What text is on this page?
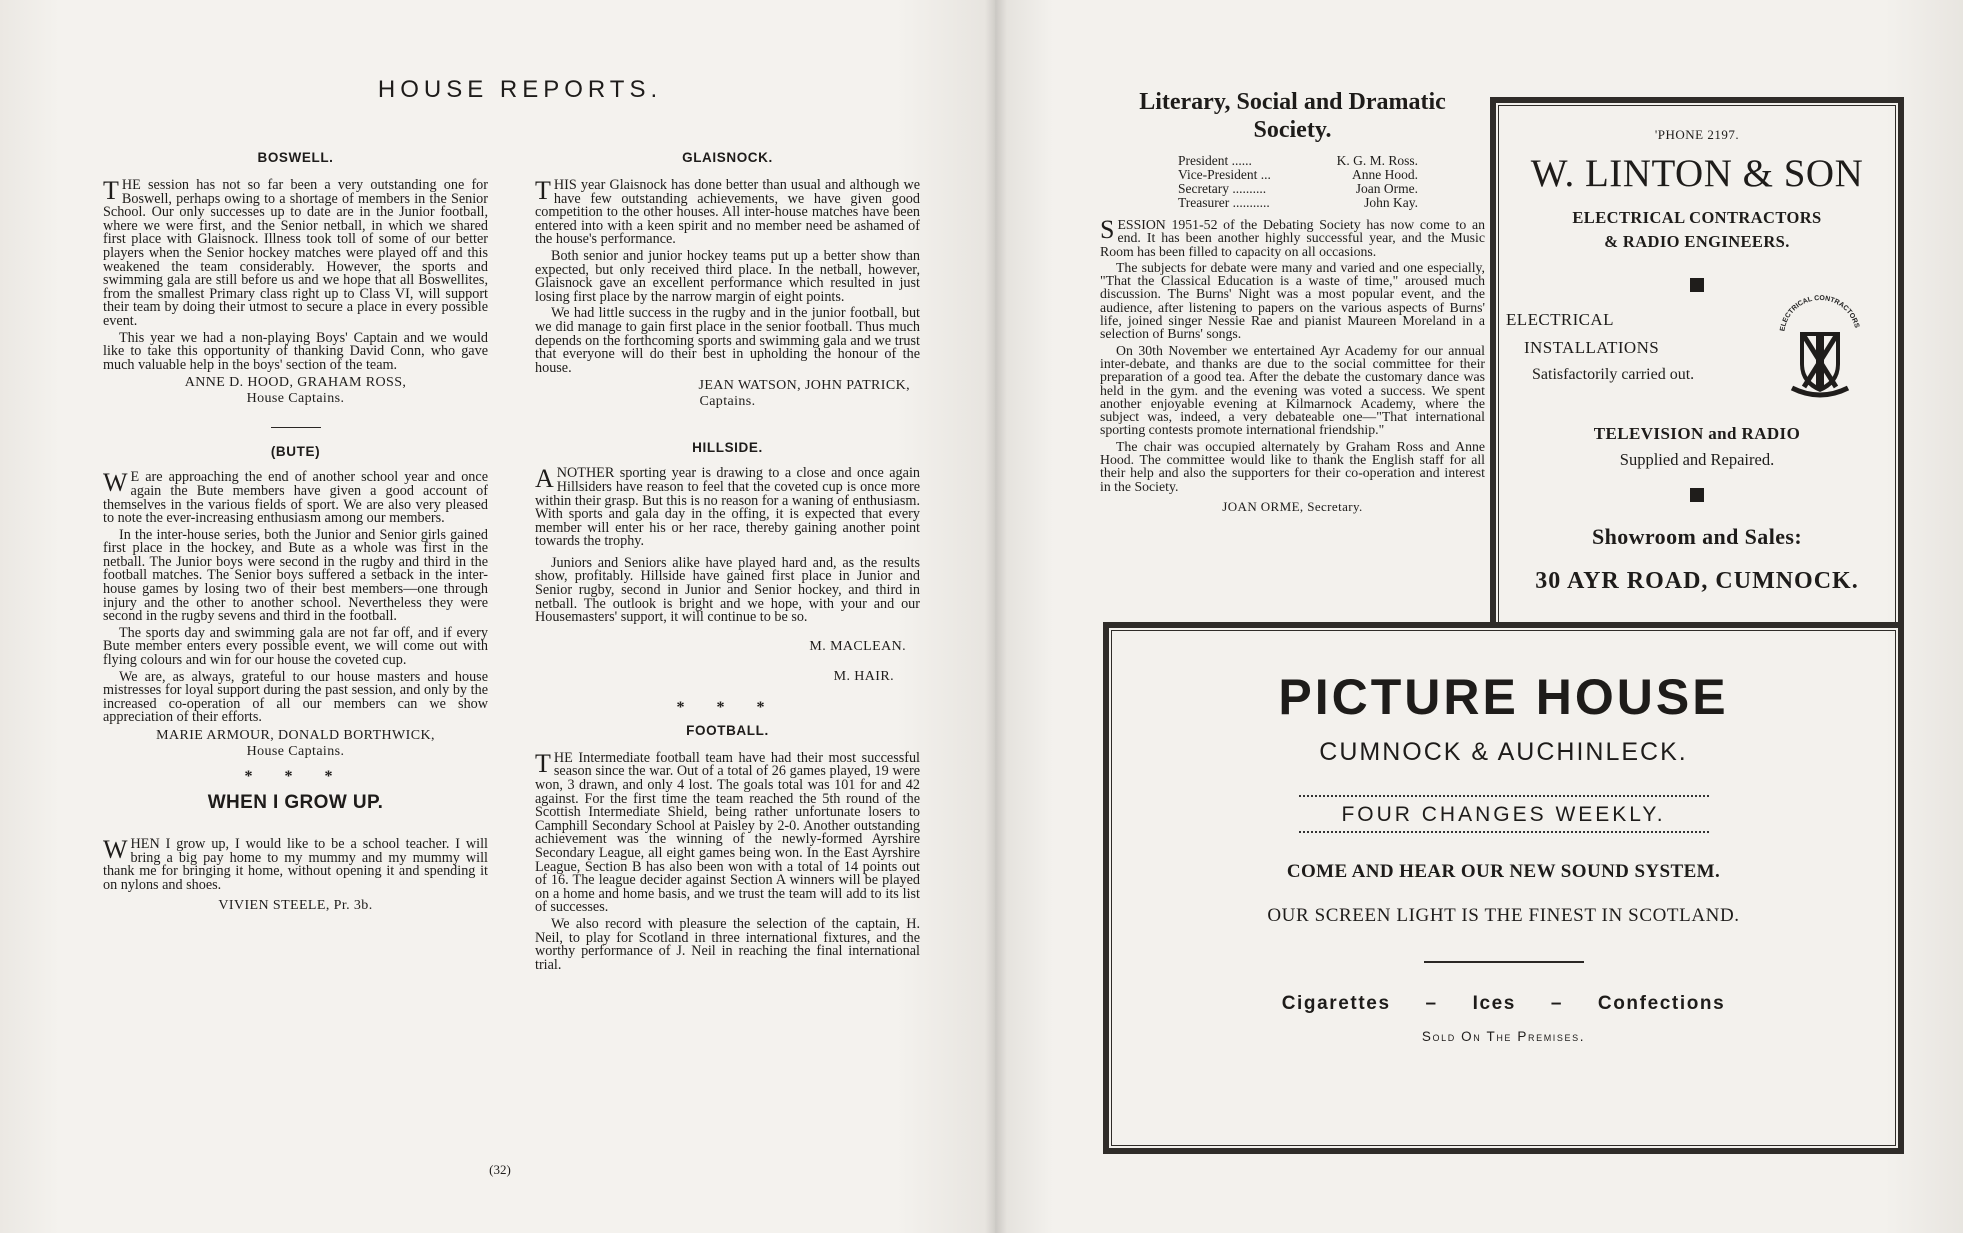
HOUSE REPORTS.

BOSWELL.

THE session has not so far been a very outstanding one for Boswell, perhaps owing to a shortage of members in the Senior School. Our only successes up to date are in the Junior football, where we were first, and the Senior netball, in which we shared first place with Glaisnock. Illness took toll of some of our better players when the Senior hockey matches were played off and this weakened the team considerably. However, the sports and swimming gala are still before us and we hope that all Boswellites, from the smallest Primary class right up to Class VI, will support their team by doing their utmost to secure a place in every possible event.

This year we had a non-playing Boys' Captain and we would like to take this opportunity of thanking David Conn, who gave much valuable help in the boys' section of the team.

ANNE D. HOOD, GRAHAM ROSS,

House Captains.

(BUTE)

WE are approaching the end of another school year and once again the Bute members have given a good account of themselves in the various fields of sport. We are also very pleased to note the ever-increasing enthusiasm among our members.

In the inter-house series, both the Junior and Senior girls gained first place in the hockey, and Bute as a whole was first in the netball. The Junior boys were second in the rugby and third in the football matches. The Senior boys suffered a setback in the inter-house games by losing two of their best members—one through injury and the other to another school. Nevertheless they were second in the rugby sevens and third in the football.

The sports day and swimming gala are not far off, and if every Bute member enters every possible event, we will come out with flying colours and win for our house the coveted cup.

We are, as always, grateful to our house masters and house mistresses for loyal support during the past session, and only by the increased co-operation of all our members can we show appreciation of their efforts.

MARIE ARMOUR, DONALD BORTHWICK,

House Captains.

* * *

WHEN I GROW UP.

WHEN I grow up, I would like to be a school teacher. I will bring a big pay home to my mummy and my mummy will thank me for bringing it home, without opening it and spending it on nylons and shoes.

VIVIEN STEELE, Pr. 3b.

GLAISNOCK.

THIS year Glaisnock has done better than usual and although we have few outstanding achievements, we have given good competition to the other houses. All inter-house matches have been entered into with a keen spirit and no member need be ashamed of the house's performance.

Both senior and junior hockey teams put up a better show than expected, but only received third place. In the netball, however, Glaisnock gave an excellent performance which resulted in just losing first place by the narrow margin of eight points.

We had little success in the rugby and in the junior football, but we did manage to gain first place in the senior football. Thus much depends on the forthcoming sports and swimming gala and we trust that everyone will do their best in upholding the honour of the house.

JEAN WATSON, JOHN PATRICK,

Captains.

HILLSIDE.

ANOTHER sporting year is drawing to a close and once again Hillsiders have reason to feel that the coveted cup is once more within their grasp. But this is no reason for a waning of enthusiasm. With sports and gala day in the offing, it is expected that every member will enter his or her race, thereby gaining another point towards the trophy.

Juniors and Seniors alike have played hard and, as the results show, profitably. Hillside have gained first place in Junior and Senior rugby, second in Junior and Senior hockey, and third in netball. The outlook is bright and we hope, with your and our Housemasters' support, it will continue to be so.

M. MACLEAN.

M. HAIR.

* * *

FOOTBALL.

THE Intermediate football team have had their most successful season since the war. Out of a total of 26 games played, 19 were won, 3 drawn, and only 4 lost. The goals total was 101 for and 42 against. For the first time the team reached the 5th round of the Scottish Intermediate Shield, being rather unfortunate losers to Camphill Secondary School at Paisley by 2-0. Another outstanding achievement was the winning of the newly-formed Ayrshire Secondary League, all eight games being won. In the East Ayrshire League, Section B has also been won with a total of 14 points out of 16. The league decider against Section A winners will be played on a home and home basis, and we trust the team will add to its list of successes.

We also record with pleasure the selection of the captain, H. Neil, to play for Scotland in three international fixtures, and the worthy performance of J. Neil in reaching the final international trial.

(32)

Literary, Social and Dramatic
Society.

President ......	K. G. M. Ross.
Vice-President ...	Anne Hood.
Secretary ..........	Joan Orme.
Treasurer ...........	John Kay.

SESSION 1951-52 of the Debating Society has now come to an end. It has been another highly successful year, and the Music Room has been filled to capacity on all occasions.

The subjects for debate were many and varied and one especially, "That the Classical Education is a waste of time," aroused much discussion. The Burns' Night was a most popular event, and the audience, after listening to papers on the various aspects of Burns' life, joined singer Nessie Rae and pianist Maureen Moreland in a selection of Burns' songs.

On 30th November we entertained Ayr Academy for our annual inter-debate, and thanks are due to the social committee for their preparation of a good tea. After the debate the customary dance was held in the gym. and the evening was voted a success. We spent another enjoyable evening at Kilmarnock Academy, where the subject was, indeed, a very debateable one—"That international sporting contests promote international friendship."

The chair was occupied alternately by Graham Ross and Anne Hood. The committee would like to thank the English staff for all their help and also the supporters for their co-operation and interest in the Society.

JOAN ORME, Secretary.

'PHONE 2197.
W. LINTON & SON
ELECTRICAL CONTRACTORS
& RADIO ENGINEERS.
ELECTRICAL
INSTALLATIONS
Satisfactorily carried out.
ELECTRICAL CONTRACTORS
TELEVISION and RADIO
Supplied and Repaired.
Showroom and Sales:
30 AYR ROAD, CUMNOCK.
PICTURE HOUSE
CUMNOCK & AUCHINLECK.
FOUR CHANGES WEEKLY.
COME AND HEAR OUR NEW SOUND SYSTEM.
OUR SCREEN LIGHT IS THE FINEST IN SCOTLAND.
Cigarettes – Ices – Confections
Sold On The Premises.
